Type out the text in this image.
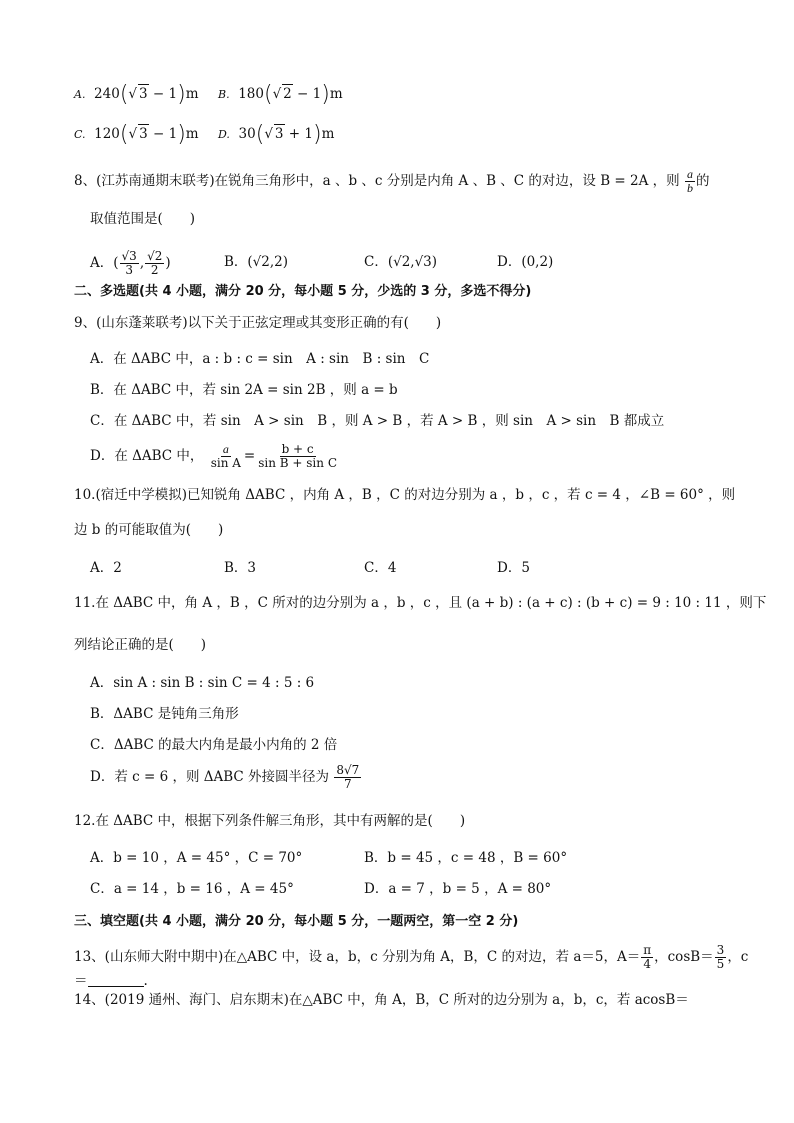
A. 240(√ 3 − 1)m B. 180(√ 2 − 1)m
C. 120(√ 3 − 1)m D. 30(√ 3 + 1)m
8、(江苏南通期末联考)在锐角三角形中，a 、b 、c 分别是内角 A 、B 、C 的对边，设 B = 2A ，则 $\frac{a}{b}$ 的
取值范围是(　　)
A．( $\frac{√3}{3}$ , $\frac{√2}{2}$ )	B．(√2,2)	C．(√2,√3)	D．(0,2)
二、多选题(共 4 小题，满分 20 分，每小题 5 分，少选的 3 分，多选不得分)
9、(山东蓬莱联考)以下关于正弦定理或其变形正确的有(　　)
A．在 ΔABC 中，a : b : c = sin　A : sin　B : sin　C
B．在 ΔABC 中，若 sin 2A = sin 2B ，则 a = b
C．在 ΔABC 中，若 sin　A > sin　B ，则 A > B ，若 A > B ，则 sin　A > sin　B 都成立
D．在 ΔABC 中， $\frac{a}{\text{sin A}} = \frac{b + c}{\text{sin B + sin C}}$
10.(宿迁中学模拟)已知锐角 ΔABC ，内角 A ，B ，C 的对边分别为 a ，b ，c ，若 c = 4 ，∠B = 60° ，则
边 b 的可能取值为(　　)
A．2	B．3	C．4	D．5
11.在 ΔABC 中，角 A ，B ，C 所对的边分别为 a ，b ，c ，且 (a + b) : (a + c) : (b + c) = 9 : 10 : 11 ，则下
列结论正确的是(　　)
A．sin A : sin B : sin C = 4 : 5 : 6
B．ΔABC 是钝角三角形
C．ΔABC 的最大内角是最小内角的 2 倍
D．若 c = 6 ，则 ΔABC 外接圆半径为 $\frac{8√7}{7}$
12.在 ΔABC 中，根据下列条件解三角形，其中有两解的是(　　)
A．b = 10 ，A = 45° ，C = 70°	B．b = 45 ，c = 48 ，B = 60°
C．a = 14 ，b = 16 ，A = 45°	D．a = 7 ，b = 5 ，A = 80°
三、填空题(共 4 小题，满分 20 分，每小题 5 分，一题两空，第一空 2 分)
13、(山东师大附中期中)在△ABC 中，设 a，b，c 分别为角 A，B，C 的对边，若 a＝5，$A= \frac{\pi}{4}$ ，$\cos B= \frac{3}{5}$ ，c
＝	.
14、(2019 通州、海门、启东期末)在△ABC 中，角 A，B，C 所对的边分别为 a，b，c，若 acosB＝
